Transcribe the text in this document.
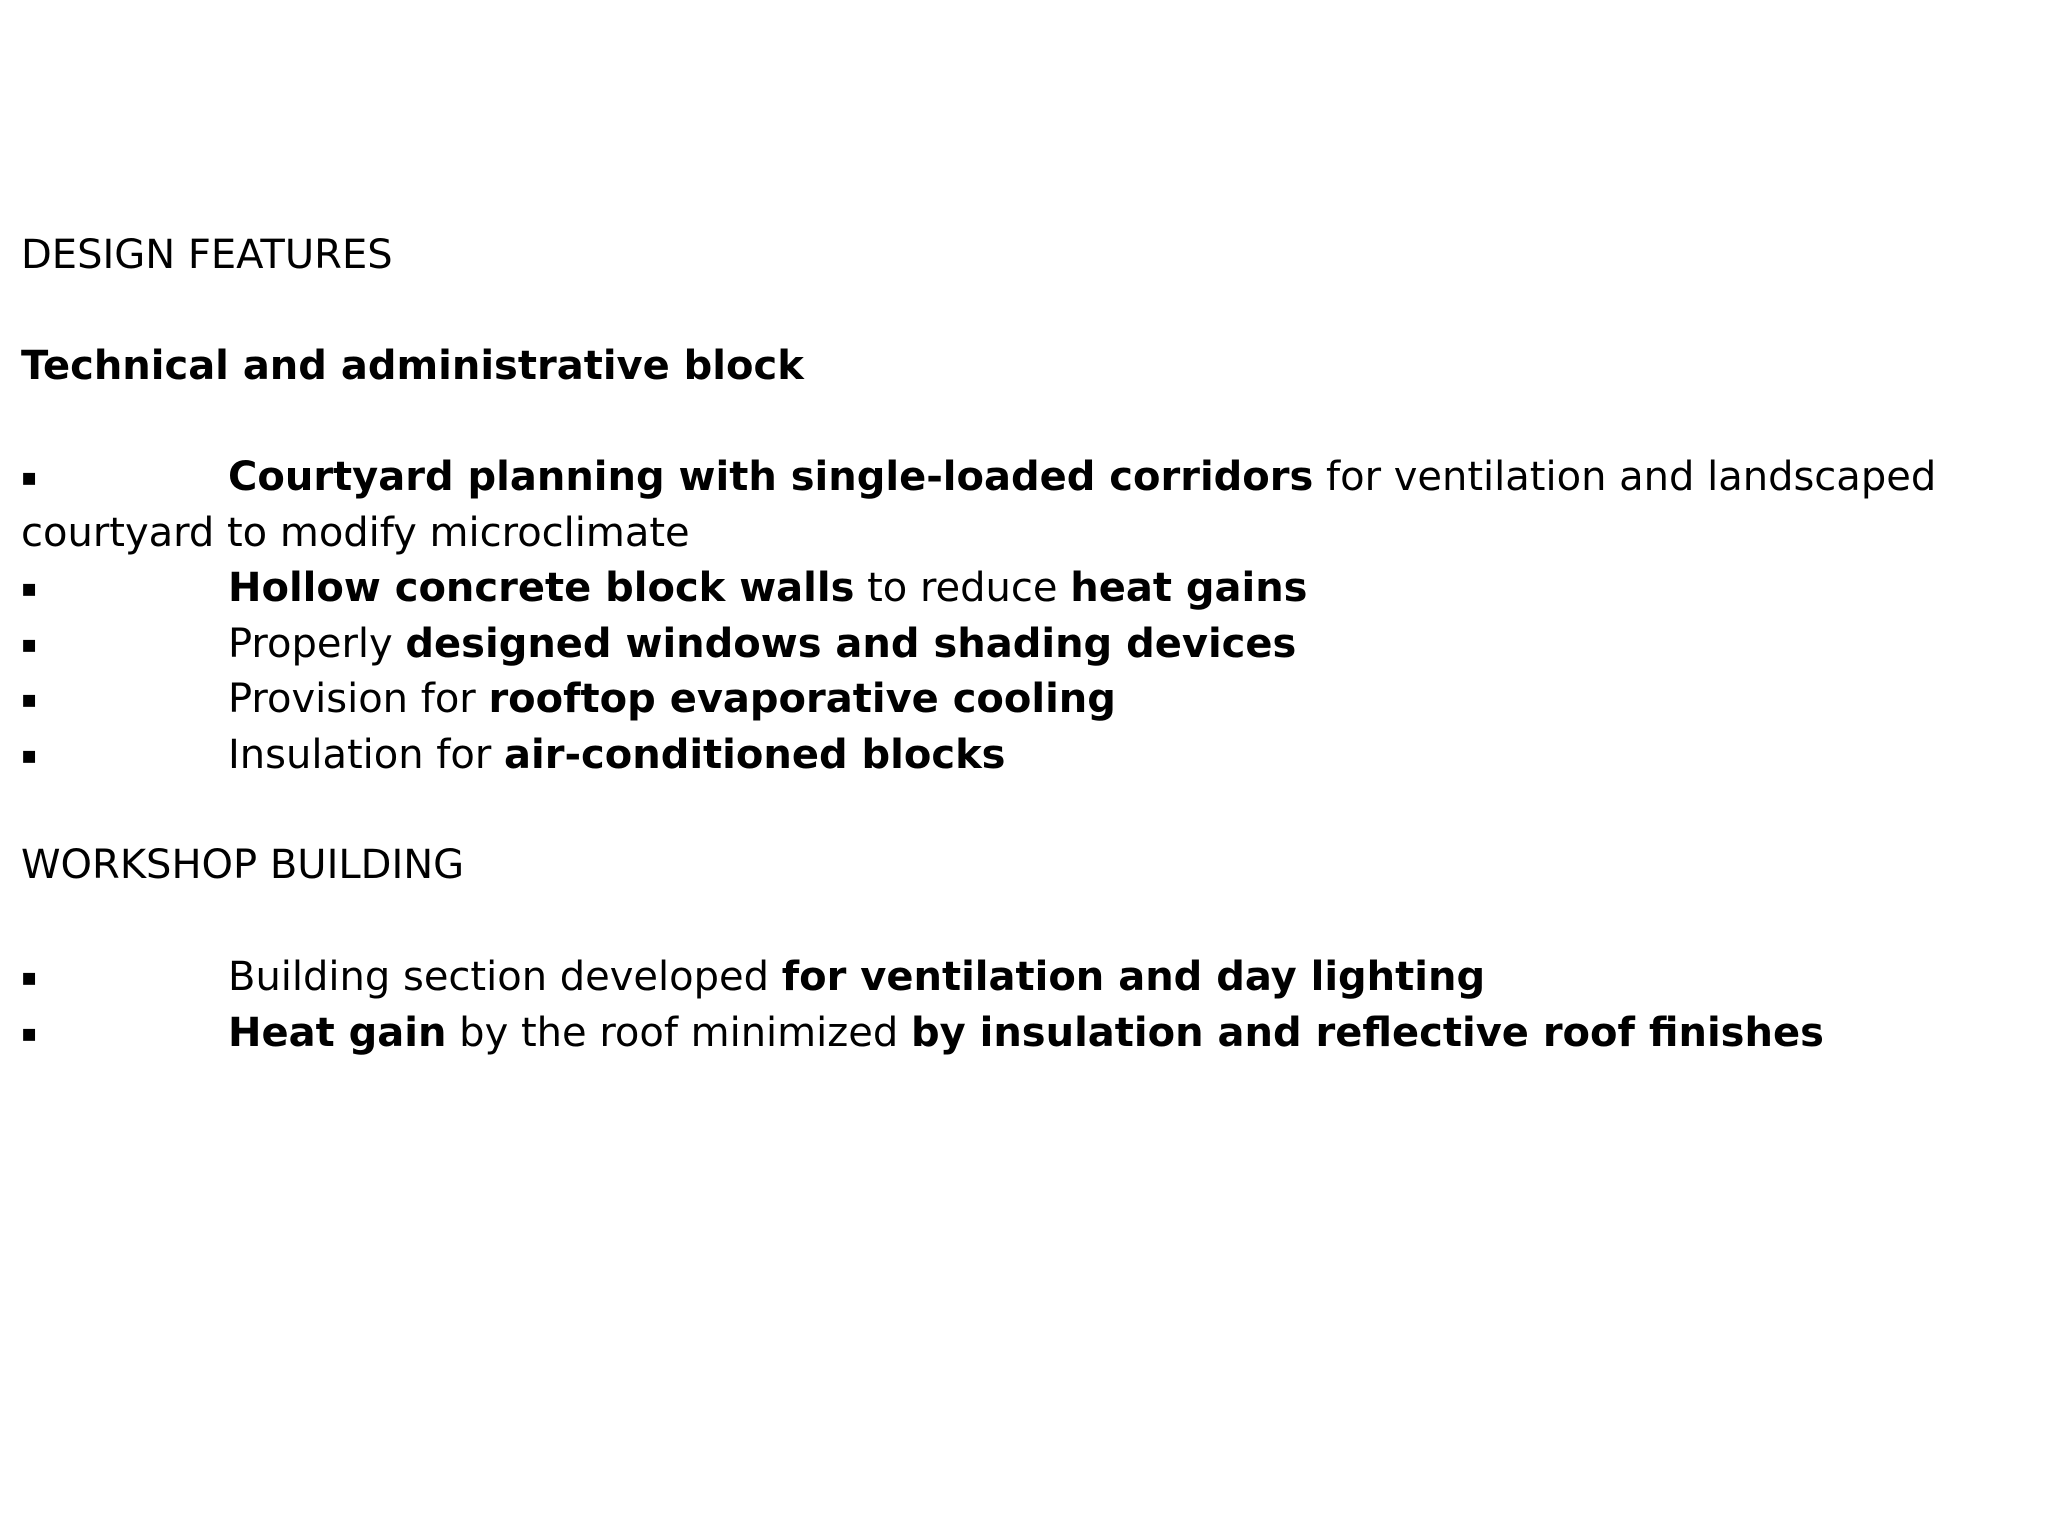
DESIGN FEATURES
Technical and administrative block
▪	Courtyard planning with single-loaded corridors for ventilation and landscaped courtyard to modify microclimate
▪	Hollow concrete block walls to reduce heat gains
▪	Properly designed windows and shading devices
▪	Provision for rooftop evaporative cooling
▪	Insulation for air-conditioned blocks
WORKSHOP BUILDING
▪	Building section developed for ventilation and day lighting
▪	Heat gain by the roof minimized by insulation and reflective roof finishes
